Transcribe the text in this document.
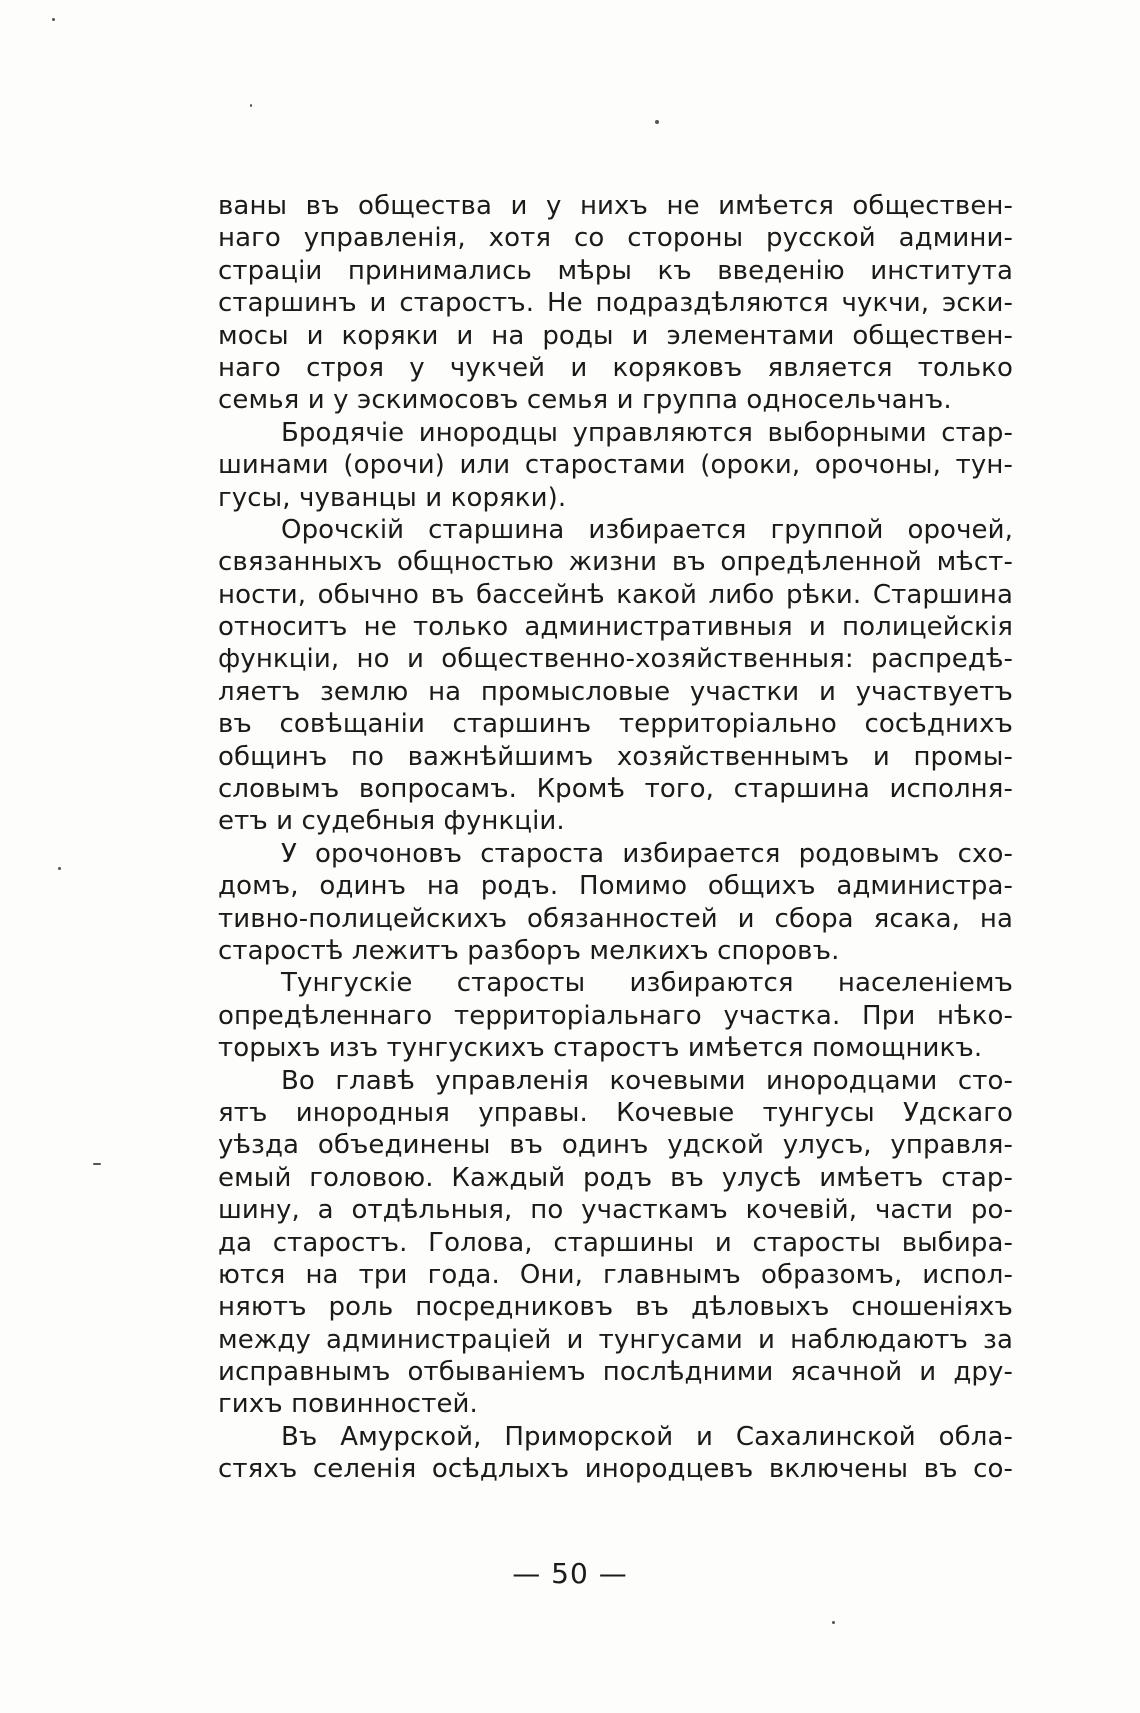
ваны въ общества и у нихъ не имѣется обществен-
наго управленія, хотя со стороны русской админи-
страціи принимались мѣры къ введенію института
старшинъ и старостъ. Не подраздѣляются чукчи, эски-
мосы и коряки и на роды и элементами обществен-
наго строя у чукчей и коряковъ является только
семья и у эскимосовъ семья и группа односельчанъ.
Бродячіе инородцы управляются выборными стар-
шинами (орочи) или старостами (ороки, орочоны, тун-
гусы, чуванцы и коряки).
Орочскій старшина избирается группой орочей,
связанныхъ общностью жизни въ опредѣленной мѣст-
ности, обычно въ бассейнѣ какой либо рѣки. Старшина
относитъ не только административныя и полицейскія
функціи, но и общественно-хозяйственныя: распредѣ-
ляетъ землю на промысловые участки и участвуетъ
въ совѣщаніи старшинъ территоріально сосѣднихъ
общинъ по важнѣйшимъ хозяйственнымъ и промы-
словымъ вопросамъ. Кромѣ того, старшина исполня-
етъ и судебныя функціи.
У орочоновъ староста избирается родовымъ схо-
домъ, одинъ на родъ. Помимо общихъ администра-
тивно-полицейскихъ обязанностей и сбора ясака, на
старостѣ лежитъ разборъ мелкихъ споровъ.
Тунгускіе старосты избираются населеніемъ
опредѣленнаго территоріальнаго участка. При нѣко-
торыхъ изъ тунгускихъ старостъ имѣется помощникъ.
Во главѣ управленія кочевыми инородцами сто-
ятъ инородныя управы. Кочевые тунгусы Удскаго
уѣзда объединены въ одинъ удской улусъ, управля-
емый головою. Каждый родъ въ улусѣ имѣетъ стар-
шину, а отдѣльныя, по участкамъ кочевій, части ро-
да старостъ. Голова, старшины и старосты выбира-
ются на три года. Они, главнымъ образомъ, испол-
няютъ роль посредниковъ въ дѣловыхъ сношеніяхъ
между администраціей и тунгусами и наблюдаютъ за
исправнымъ отбываніемъ послѣдними ясачной и дру-
гихъ повинностей.
Въ Амурской, Приморской и Сахалинской обла-
стяхъ селенія осѣдлыхъ инородцевъ включены въ со-
— 50 —
